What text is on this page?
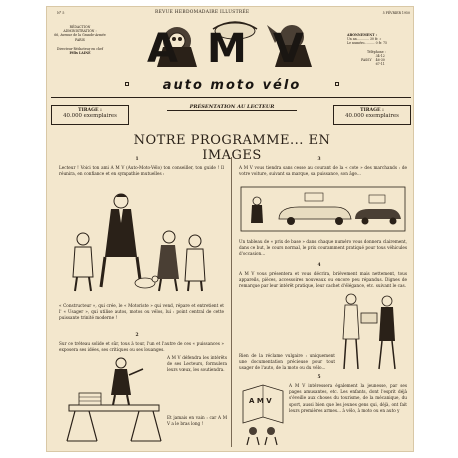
N° 5	REVUE HEBDOMADAIRE ILLUSTRÉE	5 FÉVRIER 1950
RÉDACTION
ADMINISTRATION :
66, Avenue de la Grande-Armée
PARIS
Directeur-Rédacteur en chef
Félix LAINÉ
ABONNEMENT :
Un an............ 30 fr. »
Le numéro.......... 0 fr. 75
Téléphone :
PASSY
34-12
46-30
67-11
A M V
auto moto vélo
PRÉSENTATION AU LECTEUR
TIRAGE :
40.000 exemplaires
TIRAGE :
40.000 exemplaires
NOTRE PROGRAMME... EN IMAGES
1
Lecteur ! Voici ton ami A M V (Auto-Moto-Vélo) ton conseiller, ton guide ! Il réunira, en confiance et en sympathie mutuelles :
« Constructeur », qui crée, le « Motoriste » qui vend, répare et entretient et l' « Usager », qui utilise autos, motos ou vélos, lui : point central de cette puissante trinité moderne !
2
Sur ce tréteau solide et sûr, tous à tour, l'un et l'autre de ces « puissances » exposera ses idées, ses critiques ou ses louanges.
A M V défendra les intérêts de ses Lecteurs, formulera leurs vœux, les soutiendra.
Et jamais en vain : car A M V a le bras long !
3
A M V vous tiendra sans cesse au courant de la « cote » des marchands : de votre voiture, suivant sa marque, sa puissance, son âge...
Un tableau de « prix de base » dans chaque numéro vous donnera clairement, dans ce but, le cours normal, le prix couramment pratiqué pour tous véhicules d'occasion...
4
A M V vous présentera et vous décrira, brièvement mais nettement, tous appareils, pièces, accessoires nouveaux ou encore peu répandus. Dignes de remarque par leur intérêt pratique, leur cachet d'élégance, etc. suivant le cas.
Rien de la réclame vulgaire : uniquement une documentation précieuse pour tout usager de l'auto, de la moto ou du vélo...
5
A M V intéressera également la jeunesse, par ses pages amusantes, etc. Les enfants, dont l'esprit déjà s'éveille aux choses du tourisme, de la mécanique, du sport, aussi bien que les jeunes gens qui, déjà, ont fait leurs premières armes... à vélo, à moto ou en auto y
A M V
